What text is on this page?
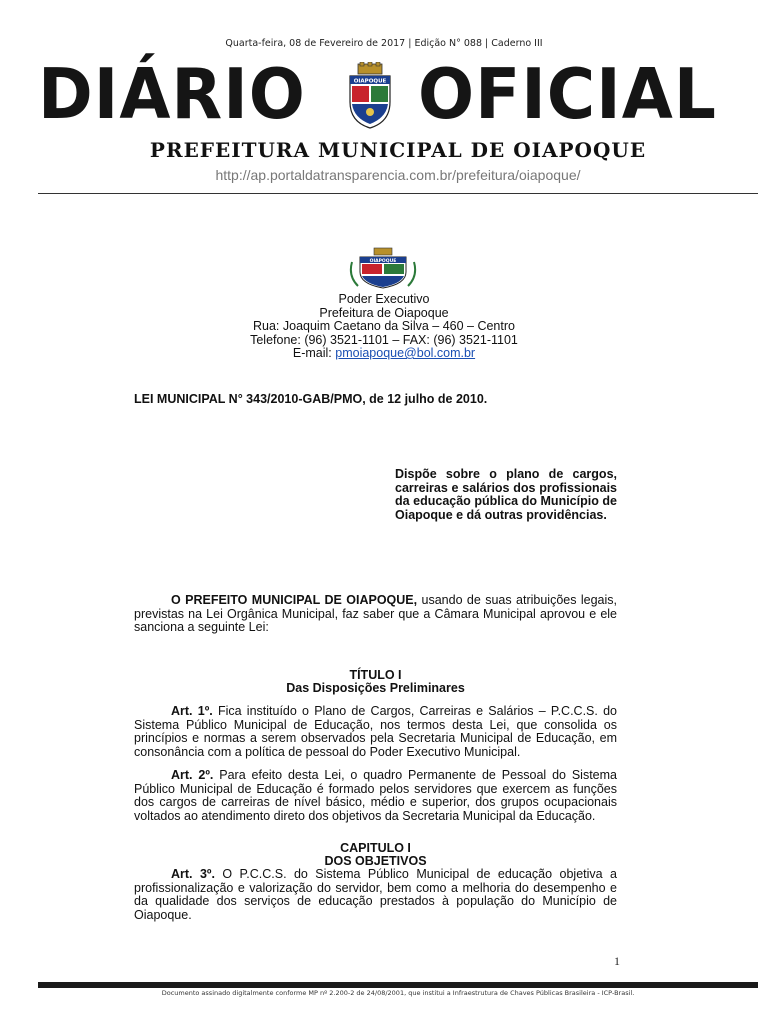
Quarta-feira, 08 de Fevereiro de 2017 | Edição N° 088 | Caderno III
DIÁRIO	OIAPOQUE OFICIAL
PREFEITURA MUNICIPAL DE OIAPOQUE
http://ap.portaldatransparencia.com.br/prefeitura/oiapoque/
OIAPOQUE
Poder Executivo
Prefeitura de Oiapoque
Rua: Joaquim Caetano da Silva – 460 – Centro
Telefone: (96) 3521-1101 – FAX: (96) 3521-1101
E-mail: pmoiapoque@bol.com.br
LEI MUNICIPAL N° 343/2010-GAB/PMO, de 12 julho de 2010.
Dispõe sobre o plano de cargos, carreiras e salários dos profissionais da educação pública do Município de Oiapoque e dá outras providências.
O PREFEITO MUNICIPAL DE OIAPOQUE, usando de suas atribuições legais, previstas na Lei Orgânica Municipal, faz saber que a Câmara Municipal aprovou e ele sanciona a seguinte Lei:
TÍTULO I
Das Disposições Preliminares
Art. 1º. Fica instituído o Plano de Cargos, Carreiras e Salários – P.C.C.S. do Sistema Público Municipal de Educação, nos termos desta Lei, que consolida os princípios e normas a serem observados pela Secretaria Municipal de Educação, em consonância com a política de pessoal do Poder Executivo Municipal.
Art. 2º. Para efeito desta Lei, o quadro Permanente de Pessoal do Sistema Público Municipal de Educação é formado pelos servidores que exercem as funções dos cargos de carreiras de nível básico, médio e superior, dos grupos ocupacionais voltados ao atendimento direto dos objetivos da Secretaria Municipal da Educação.
CAPITULO I
DOS OBJETIVOS
Art. 3º. O P.C.C.S. do Sistema Público Municipal de educação objetiva a profissionalização e valorização do servidor, bem como a melhoria do desempenho e da qualidade dos serviços de educação prestados à população do Município de Oiapoque.
1
Documento assinado digitalmente conforme MP nº 2.200-2 de 24/08/2001, que institui a Infraestrutura de Chaves Públicas Brasileira - ICP-Brasil.
